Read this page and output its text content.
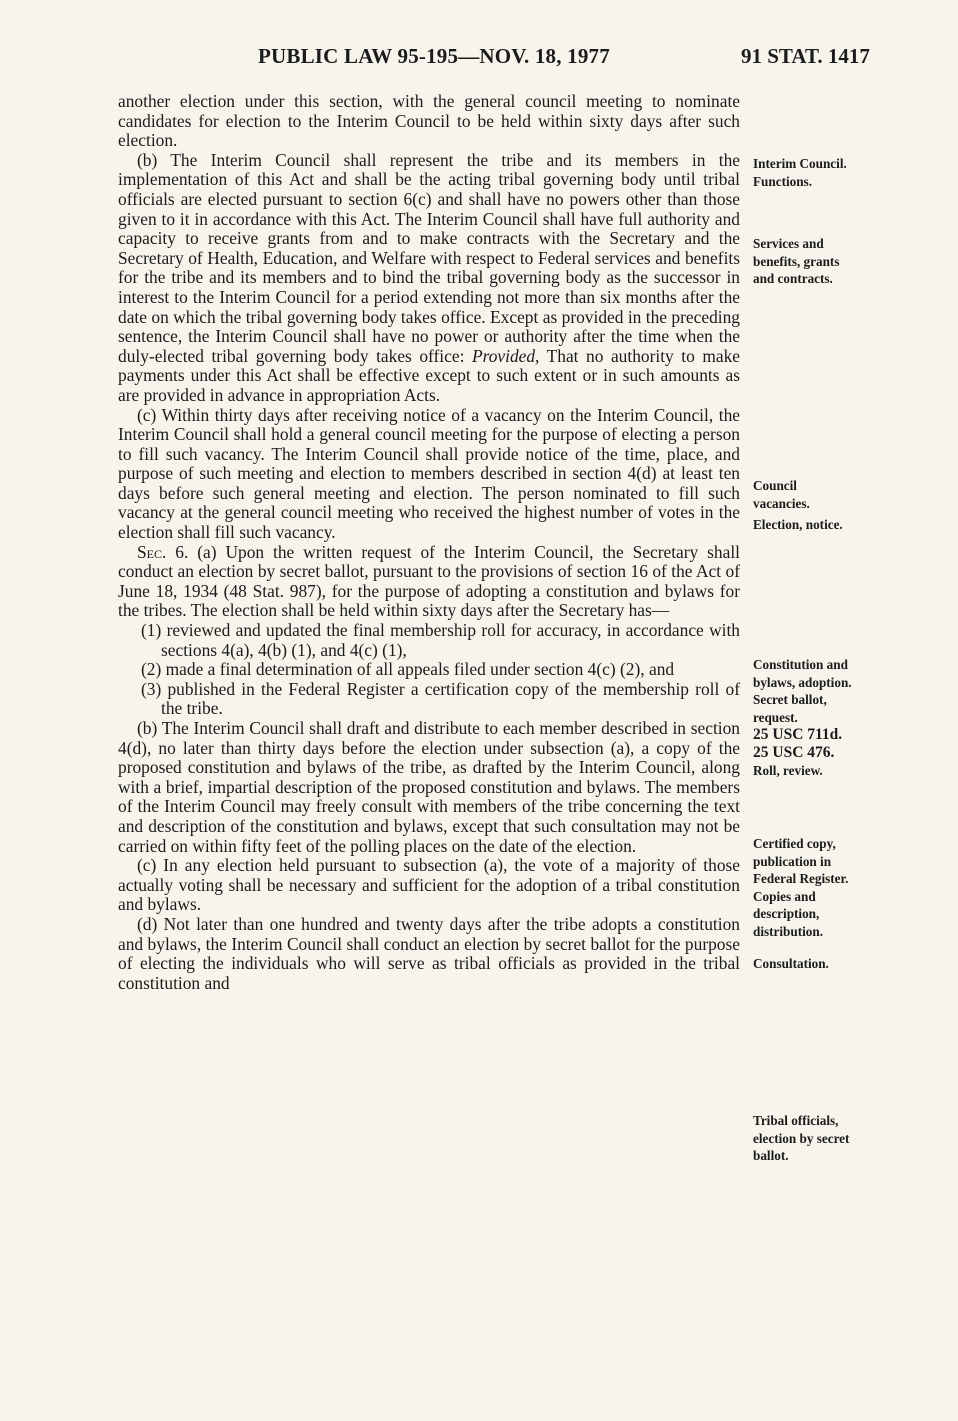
PUBLIC LAW 95-195—NOV. 18, 1977	91 STAT. 1417

another election under this section, with the general council meeting to nominate candidates for election to the Interim Council to be held within sixty days after such election.

(b) The Interim Council shall represent the tribe and its members in the implementation of this Act and shall be the acting tribal governing body until tribal officials are elected pursuant to section 6(c) and shall have no powers other than those given to it in accordance with this Act. The Interim Council shall have full authority and capacity to receive grants from and to make contracts with the Secretary and the Secretary of Health, Education, and Welfare with respect to Federal services and benefits for the tribe and its members and to bind the tribal governing body as the successor in interest to the Interim Council for a period extending not more than six months after the date on which the tribal governing body takes office. Except as provided in the preceding sentence, the Interim Council shall have no power or authority after the time when the duly-elected tribal governing body takes office: Provided, That no authority to make payments under this Act shall be effective except to such extent or in such amounts as are provided in advance in appropriation Acts.

(c) Within thirty days after receiving notice of a vacancy on the Interim Council, the Interim Council shall hold a general council meeting for the purpose of electing a person to fill such vacancy. The Interim Council shall provide notice of the time, place, and purpose of such meeting and election to members described in section 4(d) at least ten days before such general meeting and election. The person nominated to fill such vacancy at the general council meeting who received the highest number of votes in the election shall fill such vacancy.

Sec. 6. (a) Upon the written request of the Interim Council, the Secretary shall conduct an election by secret ballot, pursuant to the provisions of section 16 of the Act of June 18, 1934 (48 Stat. 987), for the purpose of adopting a constitution and bylaws for the tribes. The election shall be held within sixty days after the Secretary has—

(1) reviewed and updated the final membership roll for accuracy, in accordance with sections 4(a), 4(b) (1), and 4(c) (1),

(2) made a final determination of all appeals filed under section 4(c) (2), and

(3) published in the Federal Register a certification copy of the membership roll of the tribe.

(b) The Interim Council shall draft and distribute to each member described in section 4(d), no later than thirty days before the election under subsection (a), a copy of the proposed constitution and bylaws of the tribe, as drafted by the Interim Council, along with a brief, impartial description of the proposed constitution and bylaws. The members of the Interim Council may freely consult with members of the tribe concerning the text and description of the constitution and bylaws, except that such consultation may not be carried on within fifty feet of the polling places on the date of the election.

(c) In any election held pursuant to subsection (a), the vote of a majority of those actually voting shall be necessary and sufficient for the adoption of a tribal constitution and bylaws.

(d) Not later than one hundred and twenty days after the tribe adopts a constitution and bylaws, the Interim Council shall conduct an election by secret ballot for the purpose of electing the individuals who will serve as tribal officials as provided in the tribal constitution and

Interim Council.
Functions.
Services and
benefits, grants
and contracts.
Council
vacancies.
Election, notice.
Constitution and
bylaws, adoption.
Secret ballot,
request.
25 USC 711d.
25 USC 476.
Roll, review.
Certified copy,
publication in
Federal Register.
Copies and
description,
distribution.
Consultation.
Tribal officials,
election by secret
ballot.
